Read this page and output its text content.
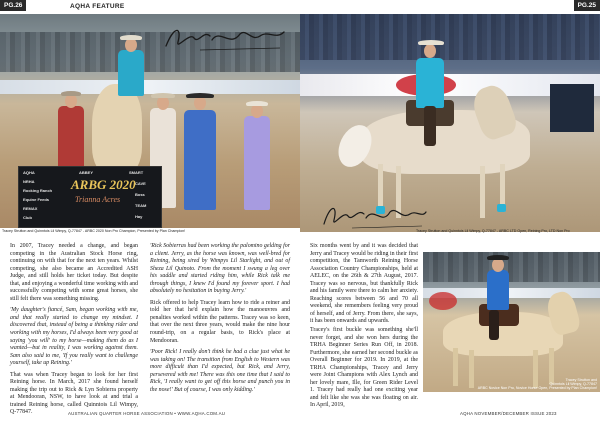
PG.26	AQHA FEATURE
AQHA
NRHA
Rocking Ranch
Equine Feeds
REMAX
Club
ABBEY	SMART
CAVE
Boss
TEAM
Hay
ARBG 2020
Trianna Acres
Tracey Strutton and Quinntois Lil Wimpy, Q-77847 - ARBC 2020 Non Pro Champion, Presented by Plan Champion!	Tracey Strutton and Quinntois Lil Wimpy, Q-77847 - ARBC LTD Open, Reining Pro, LTD Non Pro
Tracey Strutton and
Quinntois Lil Wimpy, Q-77847
ARBC Novice Non Pro, Novice Horse Open, Presented by Plan Champion!
PG.25

In 2007, Tracey needed a change, and began competing in the Australian Stock Horse ring, continuing on with that for the next ten years. Whilst competing, she also became an Accredited ASH Judge, and still holds her ticket today. But despite that, and enjoying a wonderful time working with and successfully competing with some great horses, she still felt there was something missing.

'My daughter's fiancé, Sam, began working with me, and that really started to change my mindset. I discovered that, instead of being a thinking rider and working with my horses, I'd always been very good at saying 'you will' to my horse—making them do as I wanted—but in reality, I was working against them. Sam also said to me, 'If you really want to challenge yourself, take up Reining.'

That was when Tracey began to look for her first Reining horse. In March, 2017 she found herself making the trip out to Rick & Lyn Sobierra property at Mendooran, NSW, to have look at and trial a trained Reining horse, called Quinntois Lil Wimpy, Q-77847.

'Rick Sobierras had been working the palomino gelding for a client. Jerry, as the horse was known, was well-bred for Reining, being sired by Wimpys Lil Starlight, and out of Sheza Lil Quinoto. From the moment I swung a leg over his saddle and started riding him, while Rick talk me through things, I knew I'd found my forever sport. I had absolutely no hesitation in buying Jerry.'

Rick offered to help Tracey learn how to ride a reiner and told her that he'd explain how the manoeuvres and penalties worked within the patterns. Tracey was so keen, that over the next three years, would make the nine hour round-trip, on a regular basis, to Rick's place at Mendooran.

'Poor Rick! I really don't think he had a clue just what he was taking on! The transition from English to Western was more difficult than I'd expected, but Rick, and Jerry, persevered with me! There was this one time that I said to Rick, 'I really want to get off this horse and punch you in the nose!' But of course, I was only kidding.'

Six months went by and it was decided that Jerry and Tracey would be riding in their first competition, the Tamworth Reining Horse Association Country Championships, held at AELEC, on the 26th & 27th August, 2017. Tracey was so nervous, but thankfully Rick and his family were there to calm her anxiety. Reaching scores between 56 and 70 all weekend, she remembers feeling very proud of herself, and of Jerry. From there, she says, it has been onwards and upwards.

Tracey's first buckle was something she'll never forget, and she won hers during the TRHA Beginner Series Run Off, in 2018. Furthermore, she earned her second buckle as Overall Beginner for 2019. In 2019, at the TRHA Championships, Tracey and Jerry were Joint Champions with Alex Lynch and her lovely mare, Ille, for Green Rider Level 1. Tracey had really had one exciting year and felt like she was she was floating on air. In April, 2019,

AUSTRALIAN QUARTER HORSE ASSOCIATION • WWW.AQHA.COM.AU	AQHA NOVEMBER/DECEMBER ISSUE 2023
